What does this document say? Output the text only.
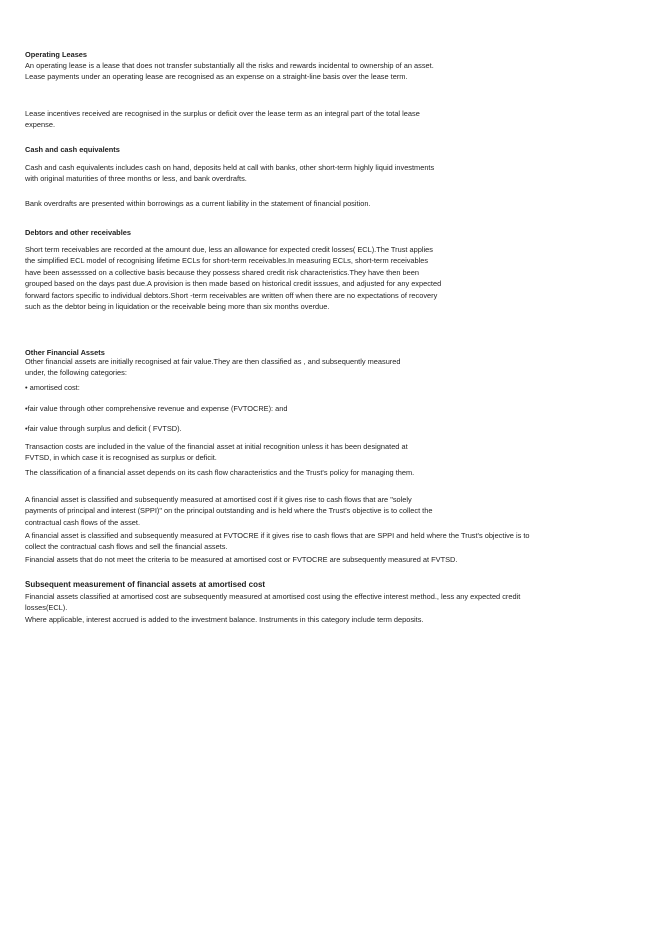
Operating Leases
An operating lease is a lease that does not transfer substantially all the risks and rewards incidental to ownership of an asset. Lease payments under an operating lease are recognised as an expense on a straight-line basis over the lease term.
Lease incentives received are recognised in the surplus or deficit over the lease term as an integral part of the total lease expense.
Cash and cash equivalents
Cash and cash equivalents includes cash on hand, deposits held at call with banks, other short-term highly liquid investments with original maturities of three months or less, and bank overdrafts.
Bank overdrafts are presented within borrowings as a current liability in the statement of financial position.
Debtors and other receivables
Short term receivables are recorded at the amount due, less an allowance for expected credit losses( ECL).The Trust applies the simplified ECL model of recognising lifetime ECLs for short-term receivables.In measuring ECLs, short-term receivables have been assesssed on a collective basis because they possess shared credit risk characteristics.They have then been grouped based on the days past due.A provision is then made based on historical credit isssues, and adjusted for any expected forward factors specific to individual debtors.Short -term receivables are written off when there are no expectations of recovery such as the debtor being in liquidation or the receivable being more than six months overdue.
Other Financial Assets
Other financial assets are initially recognised at fair value.They are then classified as , and subsequently measured under, the following categories:
• amortised cost:
•fair value through other comprehensive revenue and expense (FVTOCRE): and
•fair value through surplus and deficit ( FVTSD).
Transaction costs are included in the value of the financial asset at initial recognition unless it has been designated at FVTSD, in which case it is recognised as surplus or deficit.
The classification of a financial asset depends on its cash flow characteristics and the Trust's policy for managing them.
A financial asset is classified and subsequently measured at amortised cost if it gives rise to cash flows that are "solely payments of principal and interest (SPPI)" on the principal outstanding and is held where the Trust's objective is to collect the contractual cash flows of the asset.
A financial asset is classified and subsequently measured at FVTOCRE if it gives rise to cash flows that are SPPI and held where the Trust's objective is to collect the contractual cash flows and sell the financial assets.
Financial assets that do not meet the criteria to be measured at amortised cost or FVTOCRE are subsequently measured at FVTSD.
Subsequent measurement of financial assets at amortised cost
Financial assets classified at amortised cost are subsequently measured at amortised cost using the effective interest method., less any expected credit losses(ECL).
Where applicable, interest accrued is added to the investment balance. Instruments in this category include term deposits.
